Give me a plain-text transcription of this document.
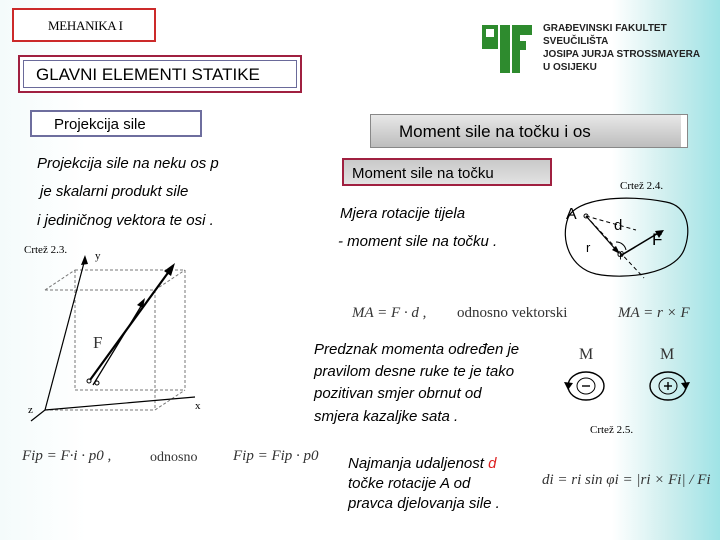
MEHANIKA I
GLAVNI ELEMENTI STATIKE
GRAĐEVINSKI FAKULTET
SVEUČILIŠTA
JOSIPA JURJA STROSSMAYERA
U OSIJEKU
Projekcija sile
Projekcija sile na neku os p
je skalarni produkt sile
i jediničnog vektora te osi .
Crtež 2.3.	y
x
z
F
Fip = F·i · p0 ,	odnosno Fip = Fip · p0
Moment sile na točku i os
Moment sile na točku
Crtež 2.4.
Mjera rotacije tijela
- moment sile na točku .
A
d
F
r φ
MA = F · d , odnosno vektorski	MA = r × F
Predznak momenta određen je
pravilom desne ruke te je tako
pozitivan smjer obrnut od
smjera kazaljke sata .
M	M
Crtež 2.5.
Najmanja udaljenost d
točke rotacije A od
pravca djelovanja sile .
di = ri sin φi = |ri × Fi| / Fi
